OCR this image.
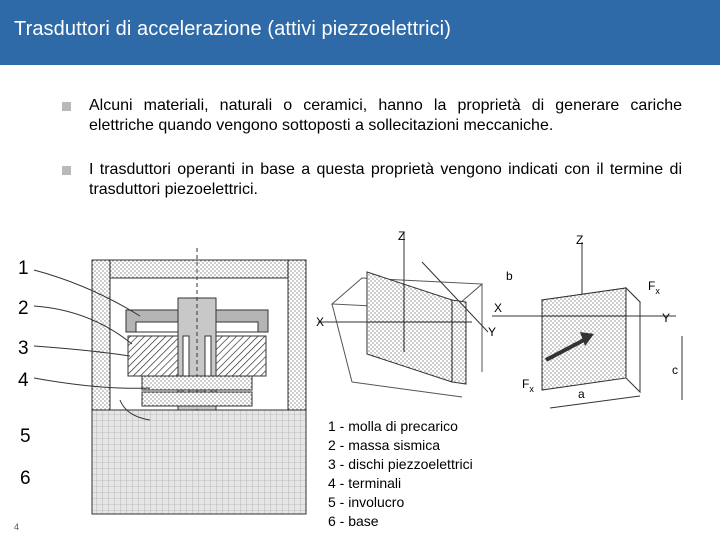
Trasduttori di accelerazione (attivi piezzoelettrici)
Alcuni materiali, naturali o ceramici, hanno la proprietà di generare cariche elettriche quando vengono sottoposti a sollecitazioni meccaniche.
I trasduttori operanti in base a questa proprietà vengono indicati con il termine di trasduttori piezoelettrici.
1
2
3
4
5
6
Z
X
Y
Z
b
X
Y
$F_x$
$F_x$
c
a
1 - molla di precarico
2 - massa sismica
3 - dischi piezzoelettrici
4 - terminali
5 - involucro
6 - base
4
